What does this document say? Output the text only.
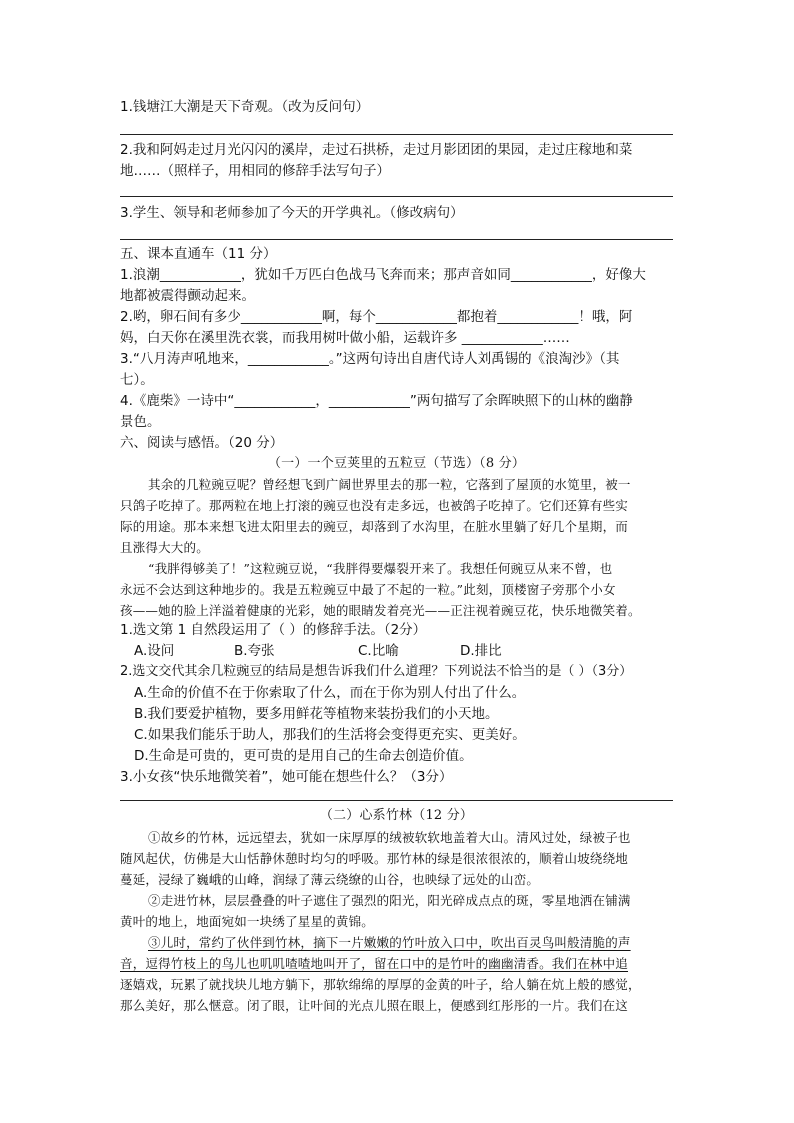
1.钱塘江大潮是天下奇观。（改为反问句）
2.我和阿妈走过月光闪闪的溪岸，走过石拱桥，走过月影团团的果园，走过庄稼地和菜
地……（照样子，用相同的修辞手法写句子）
3.学生、领导和老师参加了今天的开学典礼。（修改病句）
五、课本直通车（11 分）
1.浪潮____________，犹如千万匹白色战马飞奔而来；那声音如同____________，好像大
地都被震得颤动起来。
2.哟，卵石间有多少____________啊，每个____________都抱着____________！哦，阿
妈，白天你在溪里洗衣裳，而我用树叶做小船，运载许多 ____________……
3.“八月涛声吼地来，____________。”这两句诗出自唐代诗人刘禹锡的《浪淘沙》（其
七）。
4.《鹿柴》一诗中“____________，____________”两句描写了余晖映照下的山林的幽静
景色。
六、阅读与感悟。（20 分）
（一）一个豆荚里的五粒豆（节选）（8 分）
其余的几粒豌豆呢？曾经想飞到广阔世界里去的那一粒，它落到了屋顶的水笕里，被一
只鸽子吃掉了。那两粒在地上打滚的豌豆也没有走多远，也被鸽子吃掉了。它们还算有些实
际的用途。那本来想飞进太阳里去的豌豆，却落到了水沟里，在脏水里躺了好几个星期，而
且涨得大大的。
“我胖得够美了！”这粒豌豆说，“我胖得要爆裂开来了。我想任何豌豆从来不曾，也
永远不会达到这种地步的。我是五粒豌豆中最了不起的一粒。”此刻，顶楼窗子旁那个小女
孩——她的脸上洋溢着健康的光彩，她的眼睛发着亮光——正注视着豌豆花，快乐地微笑着。
1.选文第 1 自然段运用了（ ）的修辞手法。（2分）
A.设问	B.夸张	C.比喻	D.排比
2.选文交代其余几粒豌豆的结局是想告诉我们什么道理？下列说法不恰当的是（ ）（3分）
A.生命的价值不在于你索取了什么，而在于你为别人付出了什么。
B.我们要爱护植物，要多用鲜花等植物来装扮我们的小天地。
C.如果我们能乐于助人，那我们的生活将会变得更充实、更美好。
D.生命是可贵的，更可贵的是用自己的生命去创造价值。
3.小女孩“快乐地微笑着”，她可能在想些什么？（3分）
（二）心系竹林（12 分）
①故乡的竹林，远远望去，犹如一床厚厚的绒被软软地盖着大山。清风过处，绿被子也
随风起伏，仿佛是大山恬静休憩时均匀的呼吸。那竹林的绿是很浓很浓的，顺着山坡绕绕地
蔓延，浸绿了巍峨的山峰，润绿了薄云绕缭的山谷，也映绿了远处的山峦。
②走进竹林，层层叠叠的叶子遮住了强烈的阳光，阳光碎成点点的斑，零星地洒在铺满
黄叶的地上，地面宛如一块绣了星星的黄锦。
③儿时，常约了伙伴到竹林，摘下一片嫩嫩的竹叶放入口中，吹出百灵鸟叫般清脆的声
音，逗得竹枝上的鸟儿也叽叽喳喳地叫开了，留在口中的是竹叶的幽幽清香。我们在林中追
逐嬉戏，玩累了就找块儿地方躺下，那软绵绵的厚厚的金黄的叶子，给人躺在炕上般的感觉，
那么美好，那么惬意。闭了眼，让叶间的光点儿照在眼上，便感到红彤彤的一片。我们在这
